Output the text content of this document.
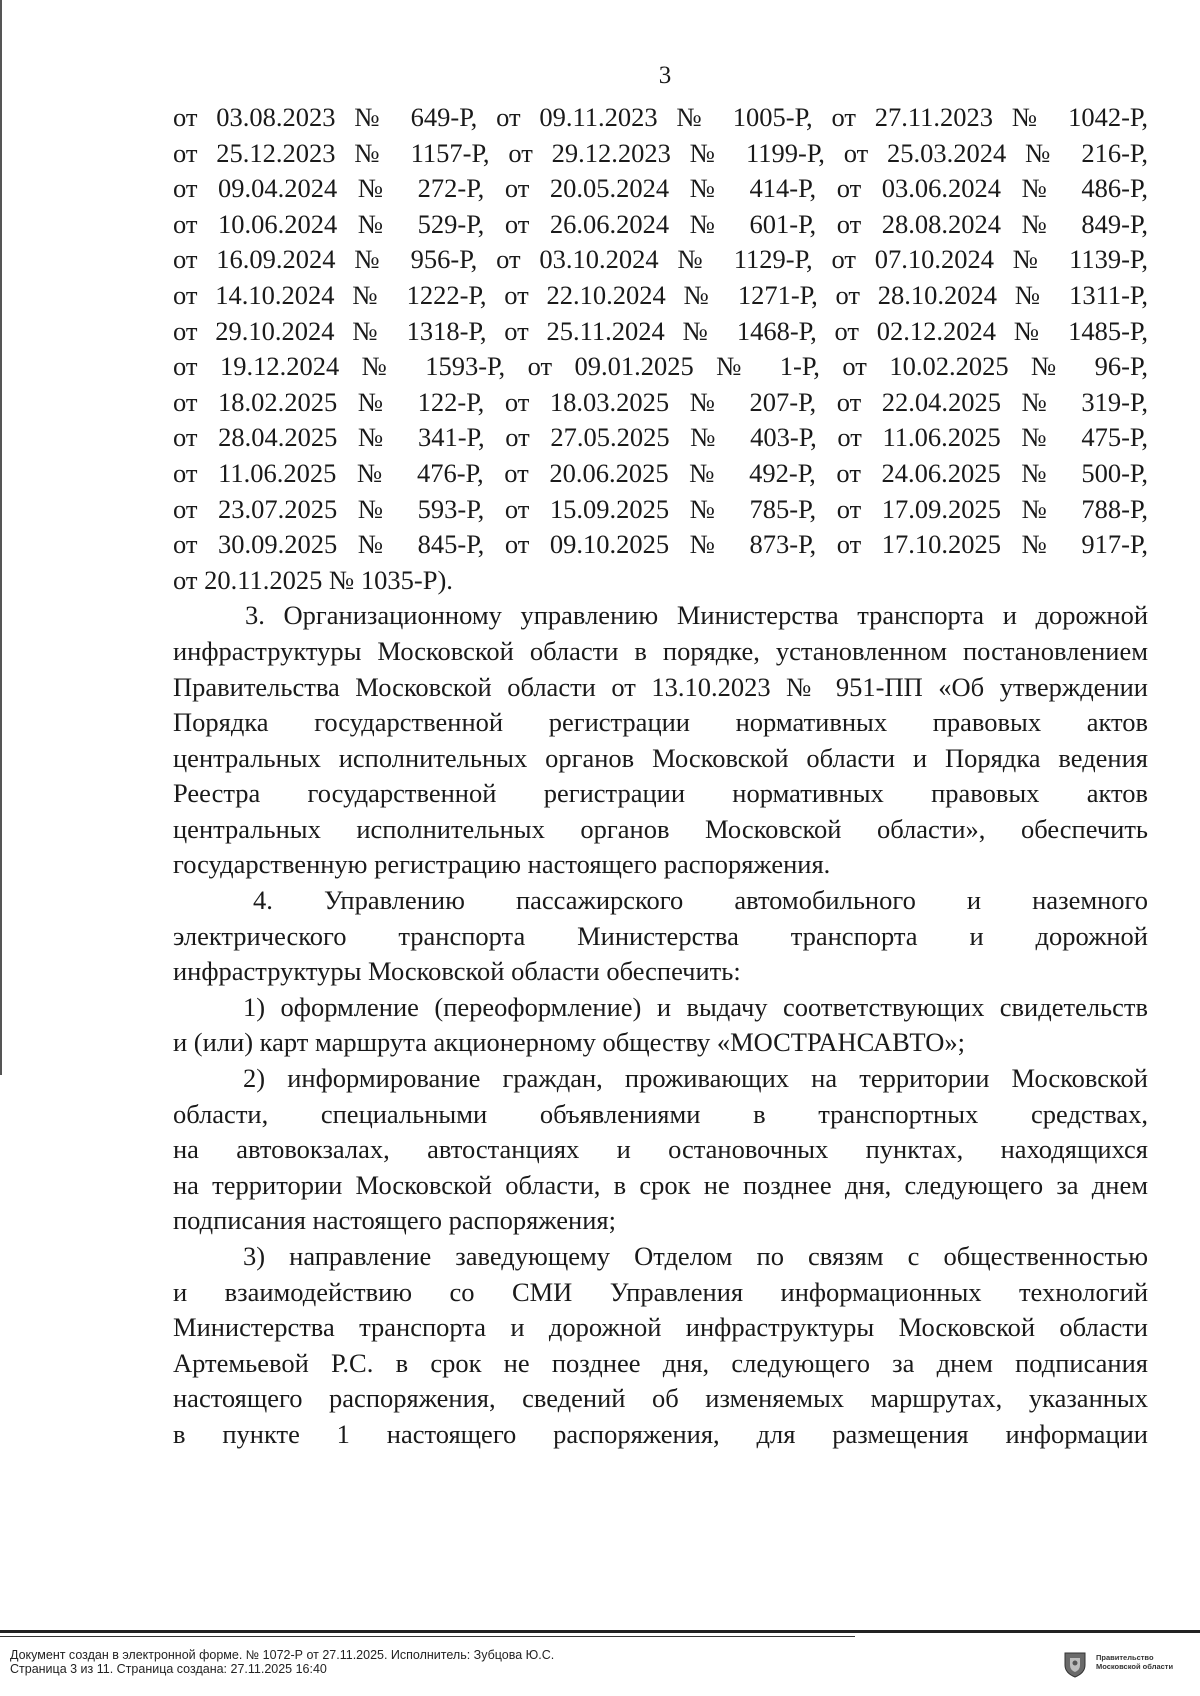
3
от 03.08.2023 № 649-Р, от 09.11.2023 № 1005-Р, от 27.11.2023 № 1042-Р,
от 25.12.2023 № 1157-Р, от 29.12.2023 № 1199-Р, от 25.03.2024 № 216-Р,
от 09.04.2024 № 272-Р, от 20.05.2024 № 414-Р, от 03.06.2024 № 486-Р,
от 10.06.2024 № 529-Р, от 26.06.2024 № 601-Р, от 28.08.2024 № 849-Р,
от 16.09.2024 № 956-Р, от 03.10.2024 № 1129-Р, от 07.10.2024 № 1139-Р,
от 14.10.2024 № 1222-Р, от 22.10.2024 № 1271-Р, от 28.10.2024 № 1311-Р,
от 29.10.2024 № 1318-Р, от 25.11.2024 № 1468-Р, от 02.12.2024 № 1485-Р,
от 19.12.2024 № 1593-Р, от 09.01.2025 № 1-Р, от 10.02.2025 № 96-Р,
от 18.02.2025 № 122-Р, от 18.03.2025 № 207-Р, от 22.04.2025 № 319-Р,
от 28.04.2025 № 341-Р, от 27.05.2025 № 403-Р, от 11.06.2025 № 475-Р,
от 11.06.2025 № 476-Р, от 20.06.2025 № 492-Р, от 24.06.2025 № 500-Р,
от 23.07.2025 № 593-Р, от 15.09.2025 № 785-Р, от 17.09.2025 № 788-Р,
от 30.09.2025 № 845-Р, от 09.10.2025 № 873-Р, от 17.10.2025 № 917-Р,
от 20.11.2025 № 1035-Р).
3. Организационному управлению Министерства транспорта и дорожной
инфраструктуры Московской области в порядке, установленном постановлением
Правительства Московской области от 13.10.2023 № 951-ПП «Об утверждении
Порядка государственной регистрации нормативных правовых актов
центральных исполнительных органов Московской области и Порядка ведения
Реестра государственной регистрации нормативных правовых актов
центральных исполнительных органов Московской области», обеспечить
государственную регистрацию настоящего распоряжения.
4. Управлению пассажирского автомобильного и наземного
электрического транспорта Министерства транспорта и дорожной
инфраструктуры Московской области обеспечить:
1) оформление (переоформление) и выдачу соответствующих свидетельств
и (или) карт маршрута акционерному обществу «МОСТРАНСАВТО»;
2) информирование граждан, проживающих на территории Московской
области, специальными объявлениями в транспортных средствах,
на автовокзалах, автостанциях и остановочных пунктах, находящихся
на территории Московской области, в срок не позднее дня, следующего за днем
подписания настоящего распоряжения;
3) направление заведующему Отделом по связям с общественностью
и взаимодействию со СМИ Управления информационных технологий
Министерства транспорта и дорожной инфраструктуры Московской области
Артемьевой Р.С. в срок не позднее дня, следующего за днем подписания
настоящего распоряжения, сведений об изменяемых маршрутах, указанных
в пункте 1 настоящего распоряжения, для размещения информации
Документ создан в электронной форме. № 1072-Р от 27.11.2025. Исполнитель: Зубцова Ю.С.
Страница 3 из 11. Страница создана: 27.11.2025 16:40
Правительство
Московской области
